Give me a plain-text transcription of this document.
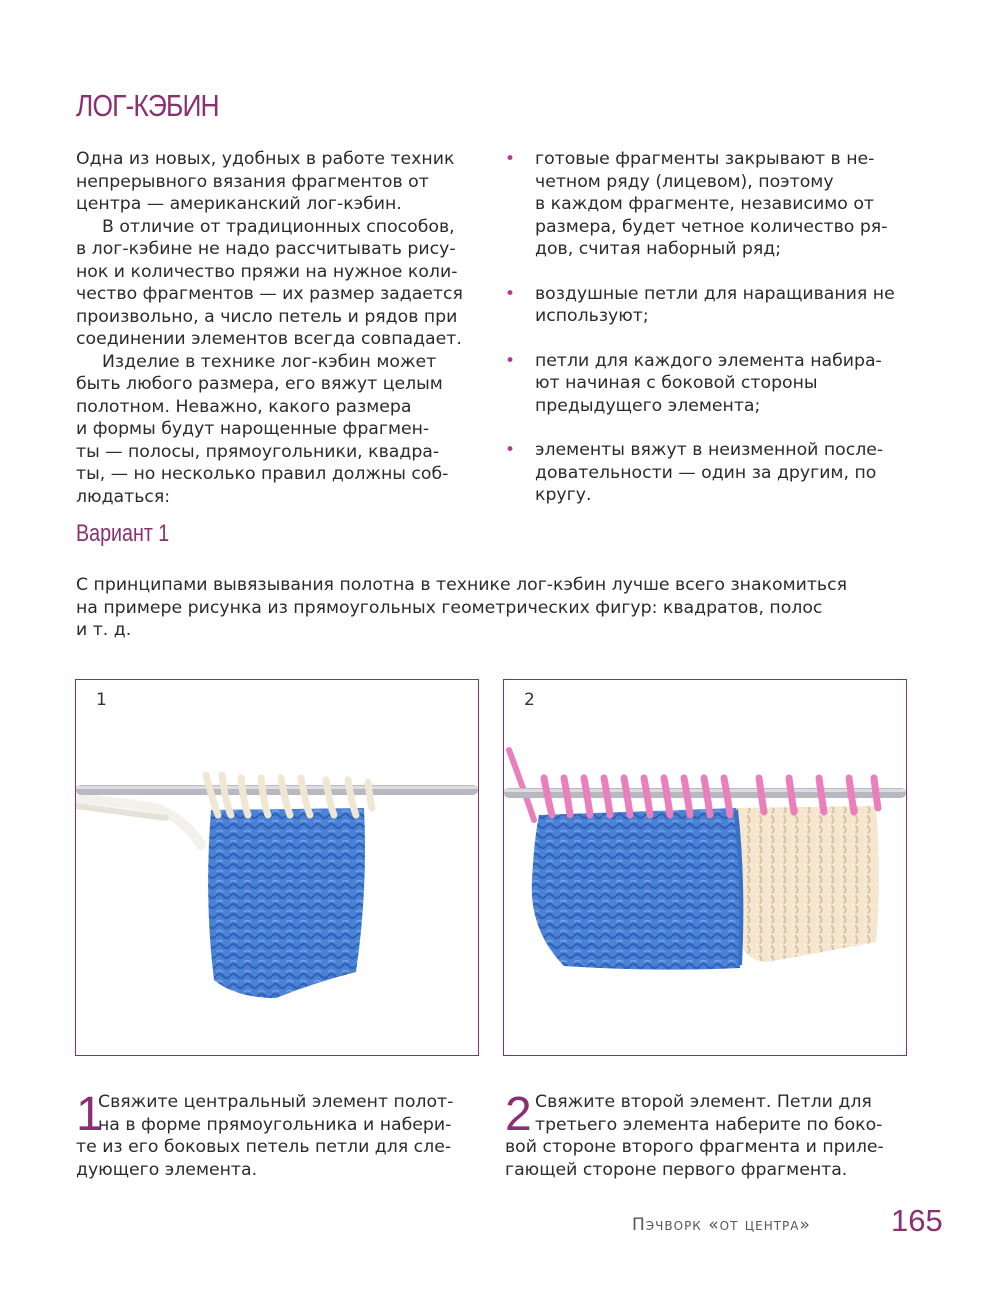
ЛОГ-КЭБИН
Одна из новых, удобных в работе техник
непрерывного вязания фрагментов от
центра — американский лог-кэбин.
В отличие от традиционных способов,
в лог-кэбине не надо рассчитывать рису-
нок и количество пряжи на нужное коли-
чество фрагментов — их размер задается
произвольно, а число петель и рядов при
соединении элементов всегда совпадает.
Изделие в технике лог-кэбин может
быть любого размера, его вяжут целым
полотном. Неважно, какого размера
и формы будут нарощенные фрагмен-
ты — полосы, прямоугольники, квадра-
ты, — но несколько правил должны соб-
людаться:
• готовые фрагменты закрывают в не-
четном ряду (лицевом), поэтому
в каждом фрагменте, независимо от
размера, будет четное количество ря-
дов, считая наборный ряд;
• воздушные петли для наращивания не
используют;
• петли для каждого элемента набира-
ют начиная с боковой стороны
предыдущего элемента;
• элементы вяжут в неизменной после-
довательности — один за другим, по
кругу.
Вариант 1
С принципами вывязывания полотна в технике лог-кэбин лучше всего знакомиться
на примере рисунка из прямоугольных геометрических фигур: квадратов, полос
и т. д.
1	2
1
Свяжите центральный элемент полот-
на в форме прямоугольника и набери-
те из его боковых петель петли для сле-
дующего элемента.
2 Свяжите второй элемент. Петли для
третьего элемента наберите по боко-
вой стороне второго фрагмента и приле-
гающей стороне первого фрагмента.
Пэчворк «от центра»	165
